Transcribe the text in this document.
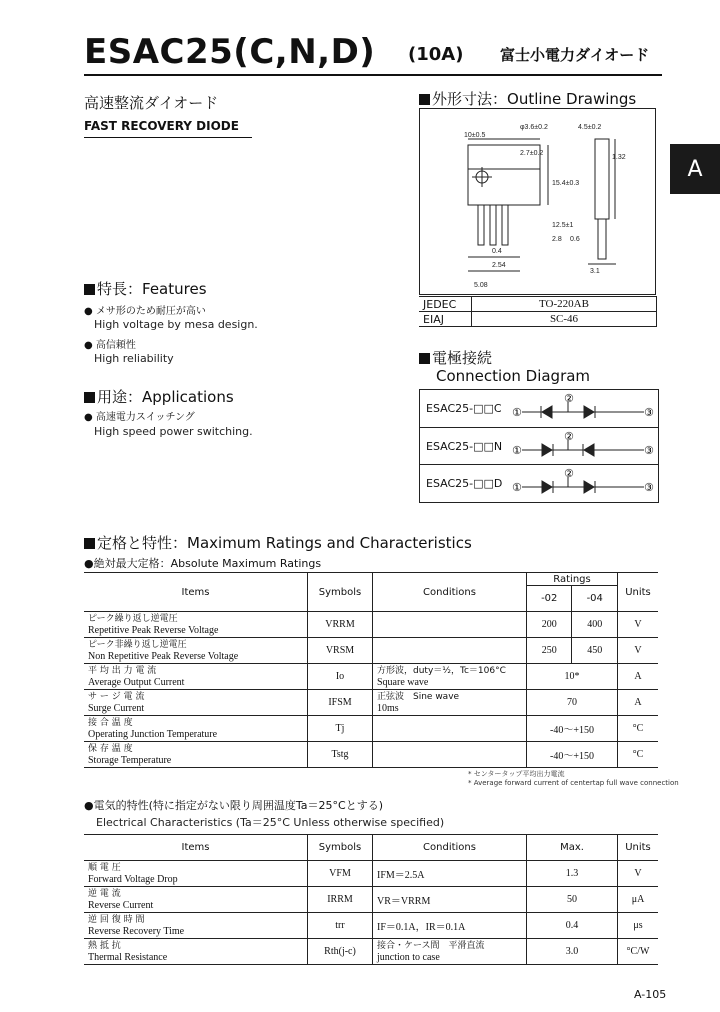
ESAC25(C,N,D) (10A) 富士小電力ダイオード
A
高速整流ダイオード
FAST RECOVERY DIODE
外形寸法：Outline Drawings
φ3.6±0.2	4.5±0.2
10±0.5
2.7±0.2
1.32
15.4±0.3
12.5±1
2.8 0.6
0.4
2.54
5.08
3.1
JEDEC	TO-220AB
EIAJ	SC-46
特長：Features
● メサ形のため耐圧が高い
High voltage by mesa design.
● 高信頼性
High reliability
用途：Applications
● 高速電力スイッチング
High speed power switching.
電極接続
Connection Diagram
ESAC25-□□C ①
②
③
ESAC25-□□N ①
②
③
ESAC25-□□D ①
②
③
定格と特性：Maximum Ratings and Characteristics
●絶対最大定格：Absolute Maximum Ratings
Items	Symbols	Conditions	Ratings		Units
			-02	-04	

ピーク繰り返し逆電圧
Repetitive Peak Reverse Voltage	VRRM		200	400	V

ピーク非繰り返し逆電圧
Non Repetitive Peak Reverse Voltage	VRSM		250	450	V

平 均 出 力 電 流
Average Output Current	Io	方形波，duty＝½，Tc＝106°C
Square wave	10*		A

サ ー ジ 電 流
Surge Current	IFSM	正弦波　Sine wave
10ms	70		A

接 合 温 度
Operating Junction Temperature	Tj		-40～+150		°C

保 存 温 度
Storage Temperature	Tstg		-40～+150		°C
* センタータップ平均出力電流
* Average forward current of centertap full wave connection
●電気的特性(特に指定がない限り周囲温度Ta＝25°Cとする)
Electrical Characteristics (Ta＝25°C Unless otherwise specified)
Items	Symbols	Conditions	Max.	Units

順 電 圧
Forward Voltage Drop	VFM	IFM＝2.5A	1.3	V

逆 電 流
Reverse Current	IRRM	VR＝VRRM	50	μA

逆 回 復 時 間
Reverse Recovery Time	trr	IF＝0.1A，IR＝0.1A	0.4	μs

熱 抵 抗
Thermal Resistance	Rth(j-c)	接合・ケース間　平滑直流
junction to case	3.0	°C/W
A-105
